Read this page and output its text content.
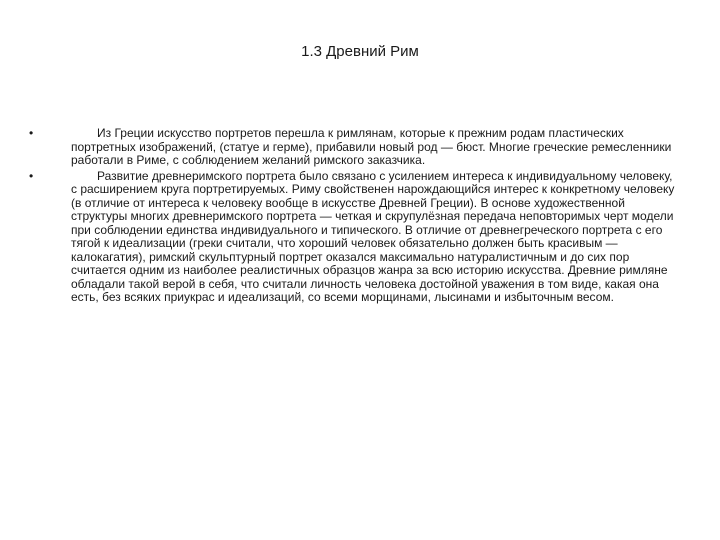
1.3 Древний Рим
•	Из Греции искусство портретов перешла к римлянам, которые к прежним родам пластических портретных изображений, (статуе и герме), прибавили новый род — бюст. Многие греческие ремесленники работали в Риме, с соблюдением желаний римского заказчика.
•	Развитие древнеримского портрета было связано с усилением интереса к индивидуальному человеку, с расширением круга портретируемых. Риму свойственен нарождающийся интерес к конкретному человеку (в отличие от интереса к человеку вообще в искусстве Древней Греции). В основе художественной структуры многих древнеримского портрета — четкая и скрупулёзная передача неповторимых черт модели при соблюдении единства индивидуального и типического. В отличие от древнегреческого портрета с его тягой к идеализации (греки считали, что хороший человек обязательно должен быть красивым — калокагатия), римский скульптурный портрет оказался максимально натуралистичным и до сих пор считается одним из наиболее реалистичных образцов жанра за всю историю искусства. Древние римляне обладали такой верой в себя, что считали личность человека достойной уважения в том виде, какая она есть, без всяких приукрас и идеализаций, со всеми морщинами, лысинами и избыточным весом.
